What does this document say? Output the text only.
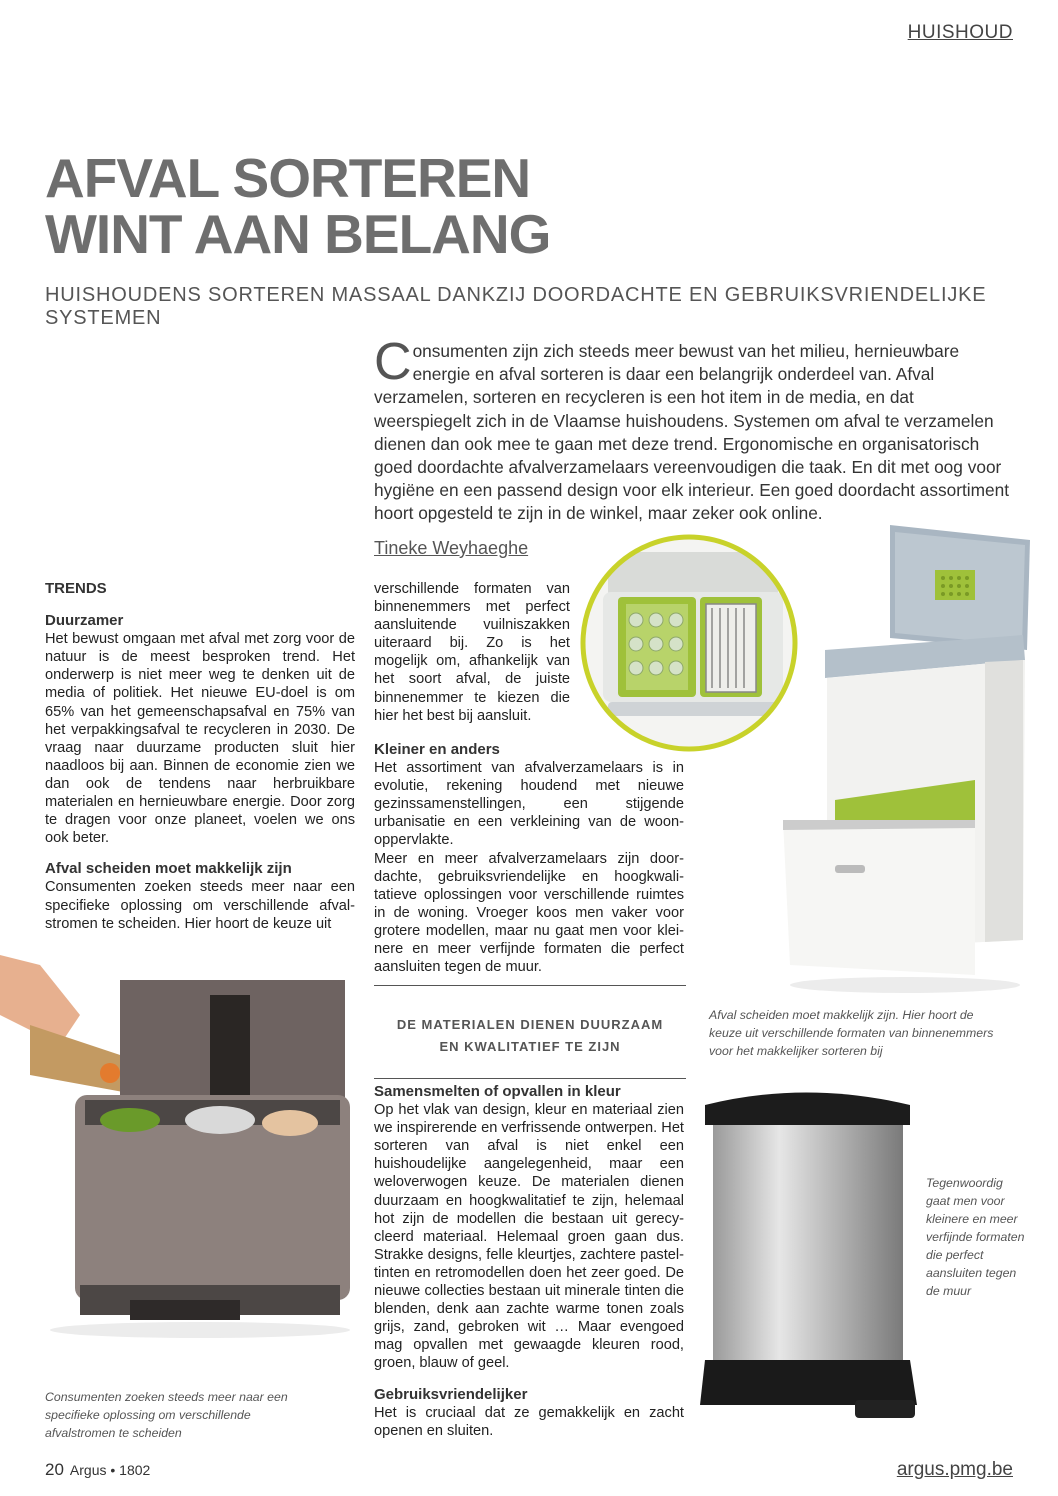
HUISHOUD
AFVAL SORTEREN
WINT AAN BELANG
HUISHOUDENS SORTEREN MASSAAL DANKZIJ DOORDACHTE EN GEBRUIKSVRIENDELIJKE SYSTEMEN
Consumenten zijn zich steeds meer bewust van het milieu, hernieuwbare energie en afval sorteren is daar een belangrijk onderdeel van. Afval verzamelen, sorteren en recycleren is een hot item in de media, en dat weerspiegelt zich in de Vlaamse huishoudens. Systemen om afval te verzamelen dienen dan ook mee te gaan met deze trend. Ergonomische en organisatorisch goed doordachte afvalverzamelaars vereenvoudigen die taak. En dit met oog voor hygiëne en een passend design voor elk interieur. Een goed doordacht assortiment hoort opgesteld te zijn in de winkel, maar zeker ook online.
Tineke Weyhaeghe
TRENDS
Duurzamer

Het bewust omgaan met afval met zorg voor de natuur is de meest besproken trend. Het onderwerp is niet meer weg te denken uit de media of politiek. Het nieuwe EU-doel is om 65% van het gemeenschapsafval en 75% van het verpakkingsafval te recycleren in 2030. De vraag naar duurzame producten sluit hier naadloos bij aan. Binnen de economie zien we dan ook de tendens naar herbruikbare materialen en hernieuwbare energie. Door zorg te dragen voor onze planeet, voelen we ons ook beter.

Afval scheiden moet makkelijk zijn

Consumenten zoeken steeds meer naar een specifieke oplossing om verschillende afvalstromen te scheiden. Hier hoort de keuze uit

verschillende formaten van binnenemmers met perfect aansluitende vuilniszakken uiteraard bij. Zo is het mogelijk om, afhankelijk van het soort afval, de juiste binnenemmer te kiezen die hier het best bij aansluit.

Kleiner en anders

Het assortiment van afvalverzamelaars is in evolutie, rekening houdend met nieuwe gezinssamenstellingen, een stijgende urbanisatie en een verkleining van de woonoppervlakte.

Meer en meer afvalverzamelaars zijn doordachte, gebruiksvriendelijke en hoogkwalitatieve oplossingen voor verschillende ruimtes in de woning. Vroeger koos men vaker voor grotere modellen, maar nu gaat men voor kleinere en meer verfijnde formaten die perfect aansluiten tegen de muur.

DE MATERIALEN DIENEN DUURZAAM
EN KWALITATIEF TE ZIJN
Samensmelten of opvallen in kleur

Op het vlak van design, kleur en materiaal zien we inspirerende en verfrissende ontwerpen. Het sorteren van afval is niet enkel een huishoudelijke aangelegenheid, maar een weloverwogen keuze. De materialen dienen duurzaam en hoogkwalitatief te zijn, helemaal hot zijn de modellen die bestaan uit gerecycleerd materiaal. Helemaal groen gaan dus. Strakke designs, felle kleurtjes, zachtere pasteltinten en retromodellen doen het zeer goed. De nieuwe collecties bestaan uit minerale tinten die blenden, denk aan zachte warme tonen zoals grijs, zand, gebroken wit … Maar evengoed mag opvallen met gewaagde kleuren rood, groen, blauw of geel.

Gebruiksvriendelijker

Het is cruciaal dat ze gemakkelijk en zacht openen en sluiten.

Consumenten zoeken steeds meer naar een specifieke oplossing om verschillende afvalstromen te scheiden
Afval scheiden moet makkelijk zijn. Hier hoort de keuze uit verschillende formaten van binnenemmers voor het makkelijker sorteren bij
Tegenwoordig gaat men voor kleinere en meer verfijnde formaten die perfect aansluiten tegen de muur
20 Argus • 1802	argus.pmg.be
